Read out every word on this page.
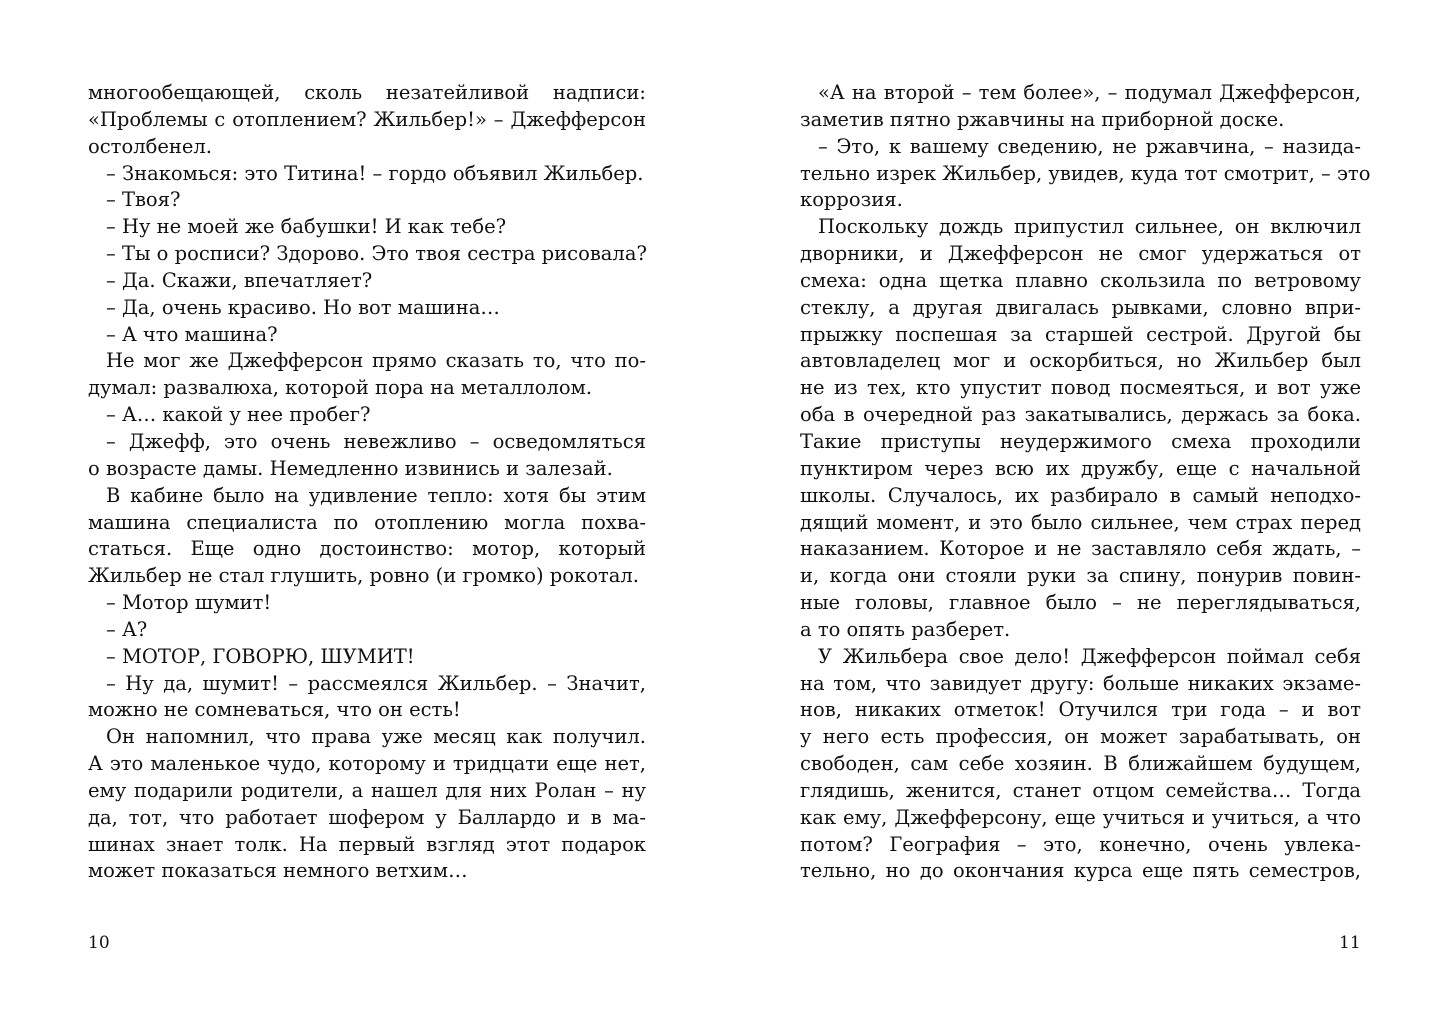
многообещающей, сколь незатейливой надписи:
«Проблемы с отоплением? Жильбер!» – Джефферсон
остолбенел.
– Знакомься: это Титина! – гордо объявил Жильбер.
– Твоя?
– Ну не моей же бабушки! И как тебе?
– Ты о росписи? Здорово. Это твоя сестра рисовала?
– Да. Скажи, впечатляет?
– Да, очень красиво. Но вот машина…
– А что машина?
Не мог же Джефферсон прямо сказать то, что по-
думал: развалюха, которой пора на металлолом.
– А… какой у нее пробег?
– Джефф, это очень невежливо – осведомляться
о возрасте дамы. Немедленно извинись и залезай.
В кабине было на удивление тепло: хотя бы этим
машина специалиста по отоплению могла похва-
статься. Еще одно достоинство: мотор, который
Жильбер не стал глушить, ровно (и громко) рокотал.
– Мотор шумит!
– А?
– МОТОР, ГОВОРЮ, ШУМИТ!
– Ну да, шумит! – рассмеялся Жильбер. – Значит,
можно не сомневаться, что он есть!
Он напомнил, что права уже месяц как получил.
А это маленькое чудо, которому и тридцати еще нет,
ему подарили родители, а нашел для них Ролан – ну
да, тот, что работает шофером у Баллардо и в ма-
шинах знает толк. На первый взгляд этот подарок
может показаться немного ветхим…
10
«А на второй – тем более», – подумал Джефферсон,
заметив пятно ржавчины на приборной доске.
– Это, к вашему сведению, не ржавчина, – назида-
тельно изрек Жильбер, увидев, куда тот смотрит, – это
коррозия.
Поскольку дождь припустил сильнее, он включил
дворники, и Джефферсон не смог удержаться от
смеха: одна щетка плавно скользила по ветровому
стеклу, а другая двигалась рывками, словно впри-
прыжку поспешая за старшей сестрой. Другой бы
автовладелец мог и оскорбиться, но Жильбер был
не из тех, кто упустит повод посмеяться, и вот уже
оба в очередной раз закатывались, держась за бока.
Такие приступы неудержимого смеха проходили
пунктиром через всю их дружбу, еще с начальной
школы. Случалось, их разбирало в самый неподхо-
дящий момент, и это было сильнее, чем страх перед
наказанием. Которое и не заставляло себя ждать, –
и, когда они стояли руки за спину, понурив повин-
ные головы, главное было – не переглядываться,
а то опять разберет.
У Жильбера свое дело! Джефферсон поймал себя
на том, что завидует другу: больше никаких экзаме-
нов, никаких отметок! Отучился три года – и вот
у него есть профессия, он может зарабатывать, он
свободен, сам себе хозяин. В ближайшем будущем,
глядишь, женится, станет отцом семейства… Тогда
как ему, Джефферсону, еще учиться и учиться, а что
потом? География – это, конечно, очень увлека-
тельно, но до окончания курса еще пять семестров,
11
